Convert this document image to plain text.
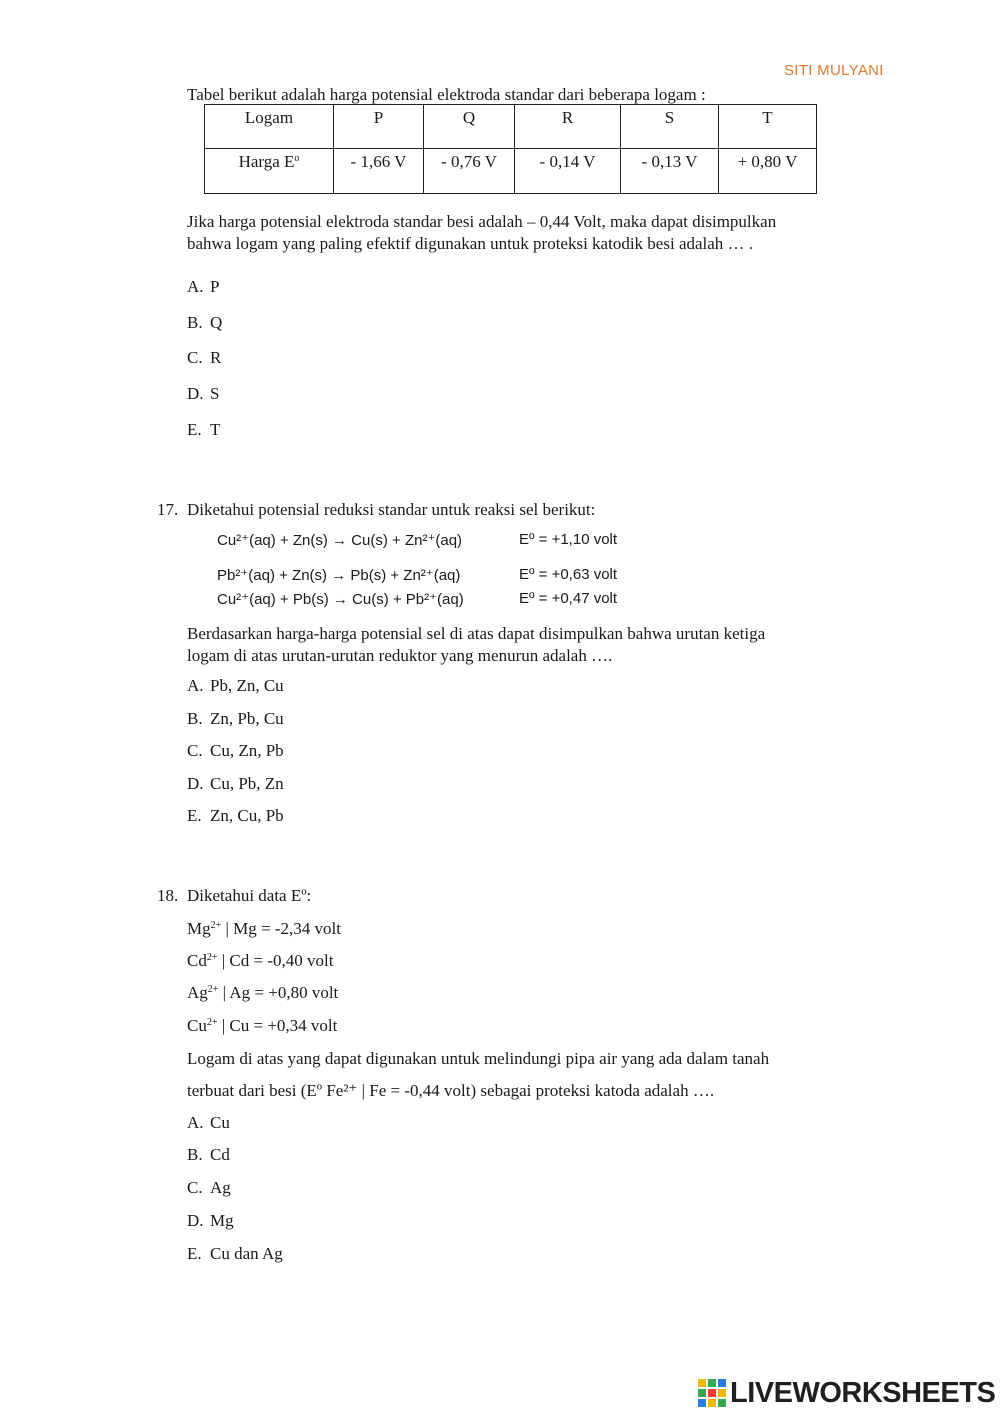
SITI MULYANI
Tabel berikut adalah harga potensial elektroda standar dari beberapa logam :
Logam	P	Q	R	S	T
Harga $E^o$	- 1,66 V	- 0,76 V	- 0,14 V	- 0,13 V	+ 0,80 V
Jika harga potensial elektroda standar besi adalah – 0,44 Volt, maka dapat disimpulkan
bahwa logam yang paling efektif digunakan untuk proteksi katodik besi adalah … .
A. P
B. Q
C. R
D. S
E. T
17. Diketahui potensial reduksi standar untuk reaksi sel berikut:
Cu²⁺(aq) + Zn(s) → Cu(s) + Zn²⁺(aq)	Eº = +1,10 volt
Pb²⁺(aq) + Zn(s) → Pb(s) + Zn²⁺(aq)	Eº = +0,63 volt
Cu²⁺(aq) + Pb(s) → Cu(s) + Pb²⁺(aq)	Eº = +0,47 volt
Berdasarkan harga-harga potensial sel di atas dapat disimpulkan bahwa urutan ketiga
logam di atas urutan-urutan reduktor yang menurun adalah ….
A. Pb, Zn, Cu
B. Zn, Pb, Cu
C. Cu, Zn, Pb
D. Cu, Pb, Zn
E. Zn, Cu, Pb
18. Diketahui data Eº:
$Mg^{2+}$ | Mg = -2,34 volt
$Cd^{2+}$ | Cd = -0,40 volt
$Ag^{2+}$ | Ag = +0,80 volt
$Cu^{2+}$ | Cu = +0,34 volt
Logam di atas yang dapat digunakan untuk melindungi pipa air yang ada dalam tanah
terbuat dari besi (Eº Fe²⁺ | Fe = -0,44 volt) sebagai proteksi katoda adalah ….
A. Cu
B. Cd
C. Ag
D. Mg
E. Cu dan Ag
LIVEWORKSHEETS
